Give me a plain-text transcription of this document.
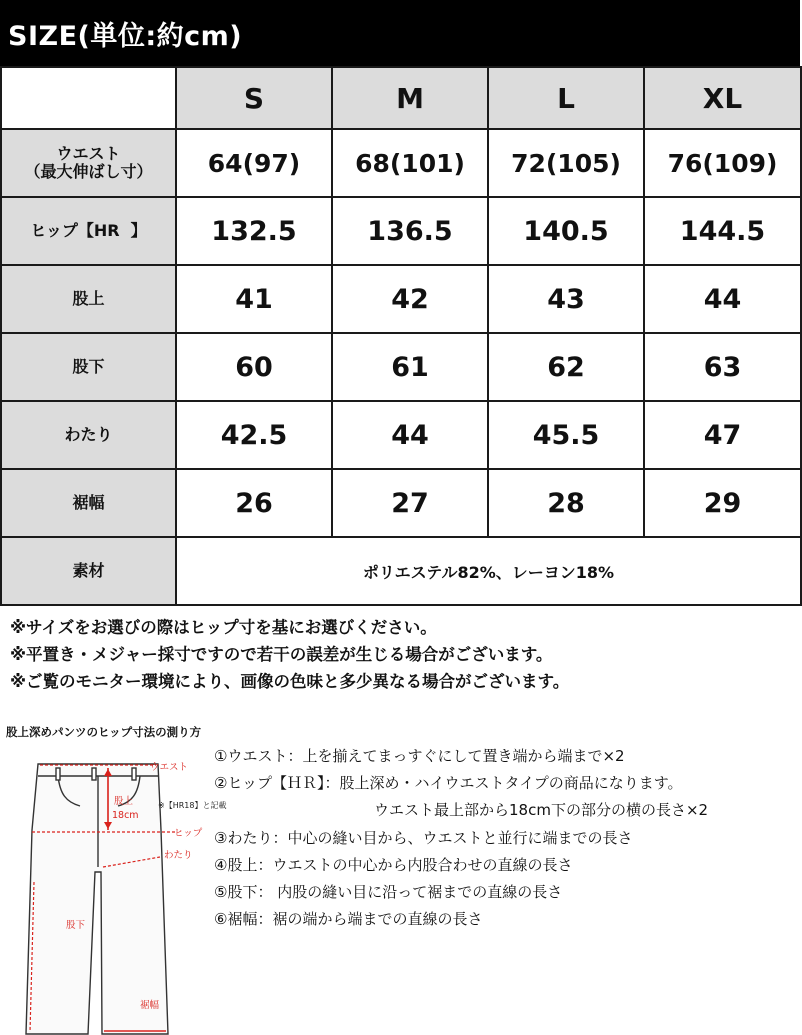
SIZE(単位:約cm)
	S	M	L	XL
ウエスト
（最大伸ばし寸）	64(97)	68(101)	72(105)	76(109)
ヒップ【HR  】	132.5	136.5	140.5	144.5
股上	41	42	43	44
股下	60	61	62	63
わたり	42.5	44	45.5	47
裾幅	26	27	28	29
素材	ポリエステル82%、レーヨン18%			
※サイズをお選びの際はヒップ寸を基にお選びください。
※平置き・メジャー採寸ですので若干の誤差が生じる場合がございます。
※ご覧のモニター環境により、画像の色味と多少異なる場合がございます。
股上深めパンツのヒップ寸法の測り方
ウエスト
股上
18cm
※【HR18】と記載
ヒップ
わたり
股下
裾幅
①ウエスト：上を揃えてまっすぐにして置き端から端まで×2
②ヒップ【ＨＲ】：股上深め・ハイウエストタイプの商品になります。
ウエスト最上部から18cm下の部分の横の長さ×2
③わたり：中心の縫い目から、ウエストと並行に端までの長さ
④股上：ウエストの中心から内股合わせの直線の長さ
⑤股下： 内股の縫い目に沿って裾までの直線の長さ
⑥裾幅：裾の端から端までの直線の長さ
